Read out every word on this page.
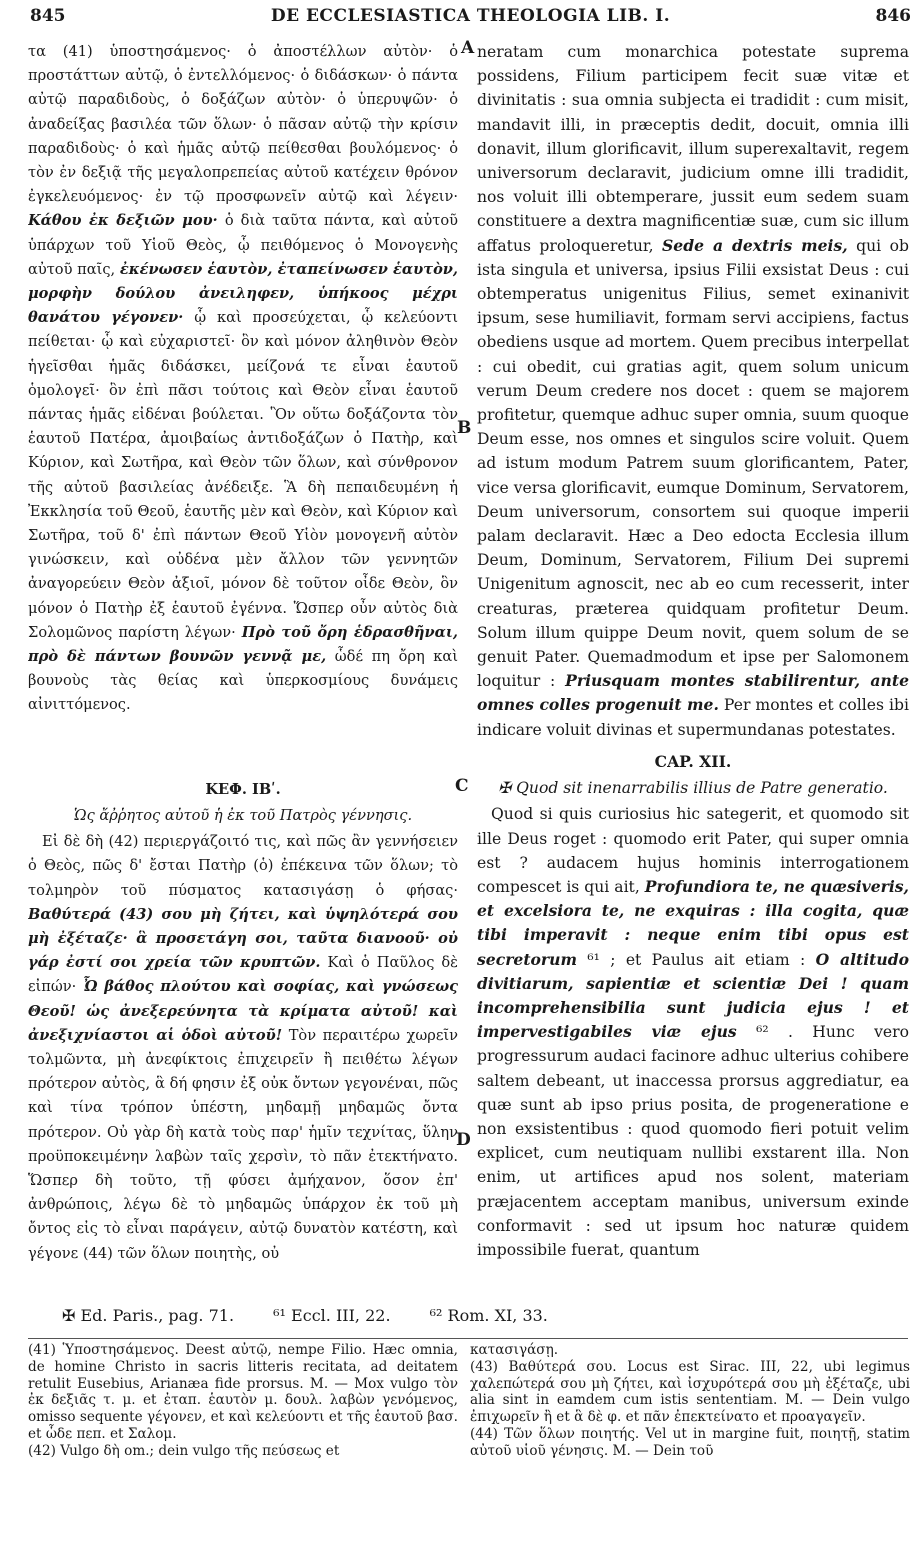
845	DE ECCLESIASTICA THEOLOGIA LIB. I.	846
A
B
C
D

τα (41) ὑποστησάμενος· ὁ ἀποστέλλων αὐτὸν· ὁ προστάττων αὐτῷ, ὁ ἐντελλόμενος· ὁ διδάσκων· ὁ πάντα αὐτῷ παραδιδοὺς, ὁ δοξάζων αὐτὸν· ὁ ὑπερυψῶν· ὁ ἀναδείξας βασιλέα τῶν ὅλων· ὁ πᾶσαν αὐτῷ τὴν κρίσιν παραδιδοὺς· ὁ καὶ ἡμᾶς αὐτῷ πείθεσθαι βουλόμενος· ὁ τὸν ἐν δεξιᾷ τῆς μεγαλοπρεπείας αὐτοῦ κατέχειν θρόνον ἐγκελευόμενος· ἐν τῷ προσφωνεῖν αὐτῷ καὶ λέγειν· Κάθου ἐκ δεξιῶν μου· ὁ διὰ ταῦτα πάντα, καὶ αὐτοῦ ὑπάρχων τοῦ Υἱοῦ Θεὸς, ᾧ πειθόμενος ὁ Μονογενὴς αὐτοῦ παῖς, ἐκένωσεν ἑαυτὸν, ἐταπείνωσεν ἑαυτὸν, μορφὴν δούλου ἀνειληφεν, ὑπήκοος μέχρι θανάτου γέγονεν· ᾧ καὶ προσεύχεται, ᾧ κελεύοντι πείθεται· ᾧ καὶ εὐχαριστεῖ· ὃν καὶ μόνον ἀληθινὸν Θεὸν ἡγεῖσθαι ἡμᾶς διδάσκει, μείζονά τε εἶναι ἑαυτοῦ ὁμολογεῖ· ὃν ἐπὶ πᾶσι τούτοις καὶ Θεὸν εἶναι ἑαυτοῦ πάντας ἡμᾶς εἰδέναι βούλεται. Ὃν οὕτω δοξάζοντα τὸν ἑαυτοῦ Πατέρα, ἀμοιβαίως ἀντιδοξάζων ὁ Πατὴρ, καὶ Κύριον, καὶ Σωτῆρα, καὶ Θεὸν τῶν ὅλων, καὶ σύνθρονον τῆς αὐτοῦ βασιλείας ἀνέδειξε. Ἃ δὴ πεπαιδευμένη ἡ Ἐκκλησία τοῦ Θεοῦ, ἑαυτῆς μὲν καὶ Θεὸν, καὶ Κύριον καὶ Σωτῆρα, τοῦ δ' ἐπὶ πάντων Θεοῦ Υἱὸν μονογενῆ αὐτὸν γινώσκειν, καὶ οὐδένα μὲν ἄλλον τῶν γεννητῶν ἀναγορεύειν Θεὸν ἀξιοῖ, μόνον δὲ τοῦτον οἶδε Θεὸν, ὃν μόνον ὁ Πατὴρ ἐξ ἑαυτοῦ ἐγέννα. Ὥσπερ οὖν αὐτὸς διὰ Σολομῶνος παρίστη λέγων· Πρὸ τοῦ ὄρη ἑδρασθῆναι, πρὸ δὲ πάντων βουνῶν γεννᾷ με, ὧδέ πη ὄρη καὶ βουνοὺς τὰς θείας καὶ ὑπερκοσμίους δυνάμεις αἰνιττόμενος.

ΚΕΦ. ΙΒʹ.
Ὡς ἄῤῥητος αὐτοῦ ἡ ἐκ τοῦ Πατρὸς γέννησις.

Εἰ δὲ δὴ (42) περιεργάζοιτό τις, καὶ πῶς ἂν γεννήσειεν ὁ Θεὸς, πῶς δ' ἔσται Πατὴρ (ὁ) ἐπέκεινα τῶν ὅλων; τὸ τολμηρὸν τοῦ πύσματος κατασιγάσῃ ὁ φήσας· Βαθύτερά (43) σου μὴ ζήτει, καὶ ὑψηλότερά σου μὴ ἐξέταζε· ἃ προσετάγη σοι, ταῦτα διανοοῦ· οὐ γάρ ἐστί σοι χρεία τῶν κρυπτῶν. Καὶ ὁ Παῦλος δὲ εἰπών· Ὦ βάθος πλούτου καὶ σοφίας, καὶ γνώσεως Θεοῦ! ὡς ἀνεξερεύνητα τὰ κρίματα αὐτοῦ! καὶ ἀνεξιχνίαστοι αἱ ὁδοὶ αὐτοῦ! Τὸν περαιτέρω χωρεῖν τολμῶντα, μὴ ἀνεφίκτοις ἐπιχειρεῖν ἢ πειθέτω λέγων πρότερον αὐτὸς, ἃ δή φησιν ἐξ οὐκ ὄντων γεγονέναι, πῶς καὶ τίνα τρόπον ὑπέστη, μηδαμῇ μηδαμῶς ὄντα πρότερον. Οὐ γὰρ δὴ κατὰ τοὺς παρ' ἡμῖν τεχνίτας, ὕλην προϋποκειμένην λαβὼν ταῖς χερσὶν, τὸ πᾶν ἐτεκτήνατο. Ὥσπερ δὴ τοῦτο, τῇ φύσει ἀμήχανον, ὅσον ἐπ' ἀνθρώποις, λέγω δὲ τὸ μηδαμῶς ὑπάρχον ἐκ τοῦ μὴ ὄντος εἰς τὸ εἶναι παράγειν, αὐτῷ δυνατὸν κατέστη, καὶ γέγονε (44) τῶν ὅλων ποιητὴς, οὐ

neratam cum monarchica potestate suprema possidens, Filium participem fecit suæ vitæ et divinitatis : sua omnia subjecta ei tradidit : cum misit, mandavit illi, in præceptis dedit, docuit, omnia illi donavit, illum glorificavit, illum superexaltavit, regem universorum declaravit, judicium omne illi tradidit, nos voluit illi obtemperare, jussit eum sedem suam constituere a dextra magnificentiæ suæ, cum sic illum affatus proloqueretur, Sede a dextris meis, qui ob ista singula et universa, ipsius Filii exsistat Deus : cui obtemperatus unigenitus Filius, semet exinanivit ipsum, sese humiliavit, formam servi accipiens, factus obediens usque ad mortem. Quem precibus interpellat : cui obedit, cui gratias agit, quem solum unicum verum Deum credere nos docet : quem se majorem profitetur, quemque adhuc super omnia, suum quoque Deum esse, nos omnes et singulos scire voluit. Quem ad istum modum Patrem suum glorificantem, Pater, vice versa glorificavit, eumque Dominum, Servatorem, Deum universorum, consortem sui quoque imperii palam declaravit. Hæc a Deo edocta Ecclesia illum Deum, Dominum, Servatorem, Filium Dei supremi Unigenitum agnoscit, nec ab eo cum recesserit, inter creaturas, præterea quidquam profitetur Deum. Solum illum quippe Deum novit, quem solum de se genuit Pater. Quemadmodum et ipse per Salomonem loquitur : Priusquam montes stabilirentur, ante omnes colles progenuit me. Per montes et colles ibi indicare voluit divinas et supermundanas potestates.

CAP. XII.
✠ Quod sit inenarrabilis illius de Patre generatio.

Quod si quis curiosius hic sategerit, et quomodo sit ille Deus roget : quomodo erit Pater, qui super omnia est ? audacem hujus hominis interrogationem compescet is qui ait, Profundiora te, ne quæsiveris, et excelsiora te, ne exquiras : illa cogita, quæ tibi imperavit : neque enim tibi opus est secretorum ⁶¹ ; et Paulus ait etiam : O altitudo divitiarum, sapientiæ et scientiæ Dei ! quam incomprehensibilia sunt judicia ejus ! et impervestigabiles viæ ejus ⁶² . Hunc vero progressurum audaci facinore adhuc ulterius cohibere saltem debeant, ut inaccessa prorsus aggrediatur, ea quæ sunt ab ipso prius posita, de progeneratione e non exsistentibus : quod quomodo fieri potuit velim explicet, cum neutiquam nullibi exstarent illa. Non enim, ut artifices apud nos solent, materiam præjacentem acceptam manibus, universum exinde conformavit : sed ut ipsum hoc naturæ quidem impossibile fuerat, quantum

✠ Ed. Paris., pag. 71. ⁶¹ Eccl. III, 22. ⁶² Rom. XI, 33.

(41) Ὑποστησάμενος. Deest αὐτῷ, nempe Filio. Hæc omnia, de homine Christo in sacris litteris recitata, ad deitatem retulit Eusebius, Arianæa fide prorsus. M. — Mox vulgo τὸν ἐκ δεξιᾶς τ. μ. et ἐταπ. ἑαυτὸν μ. δουλ. λαβὼν γενόμενος, omisso sequente γέγονεν, et καὶ κελεύοντι et τῆς ἑαυτοῦ βασ. et ὧδε πεπ. et Σαλομ.

(42) Vulgo δὴ om.; dein vulgo τῆς πεύσεως et

κατασιγάσῃ.

(43) Βαθύτερά σου. Locus est Sirac. III, 22, ubi legimus χαλεπώτερά σου μὴ ζήτει, καὶ ἰσχυρότερά σου μὴ ἐξέταζε, ubi alia sint in eamdem cum istis sententiam. M. — Dein vulgo ἐπιχωρεῖν ἢ et ἃ δὲ φ. et πᾶν ἐπεκτείνατο et προαγαγεῖν.

(44) Τῶν ὅλων ποιητής. Vel ut in margine fuit, ποιητῇ, statim αὐτοῦ υἱοῦ γένησις. M. — Dein τοῦ
